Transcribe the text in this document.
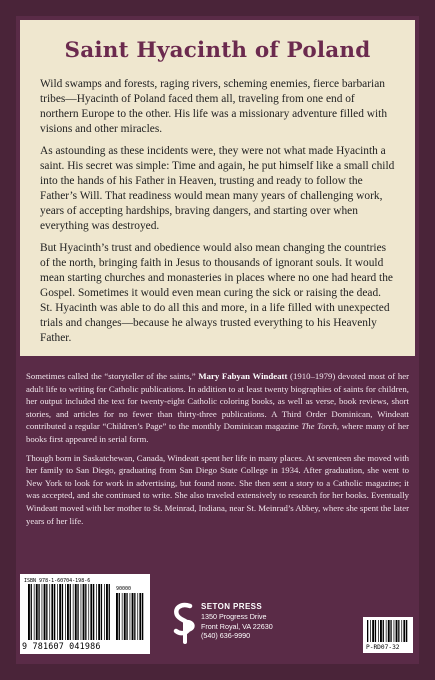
Saint Hyacinth of Poland

Wild swamps and forests, raging rivers, scheming enemies, fierce barbarian tribes—Hyacinth of Poland faced them all, traveling from one end of northern Europe to the other. His life was a missionary adventure filled with visions and other miracles.

As astounding as these incidents were, they were not what made Hyacinth a saint. His secret was simple: Time and again, he put himself like a small child into the hands of his Father in Heaven, trusting and ready to follow the Father’s Will. That readiness would mean many years of challenging work, years of accepting hardships, braving dangers, and starting over when everything was destroyed.

But Hyacinth’s trust and obedience would also mean changing the countries of the north, bringing faith in Jesus to thousands of ignorant souls. It would mean starting churches and monasteries in places where no one had heard the Gospel. Sometimes it would even mean curing the sick or raising the dead. St. Hyacinth was able to do all this and more, in a life filled with unexpected trials and changes—because he always trusted everything to his Heavenly Father.

Sometimes called the “storyteller of the saints,” Mary Fabyan Windeatt (1910–1979) devoted most of her adult life to writing for Catholic publications. In addition to at least twenty biographies of saints for children, her output included the text for twenty-eight Catholic coloring books, as well as verse, book reviews, short stories, and articles for no fewer than thirty-three publications. A Third Order Dominican, Windeatt contributed a regular “Children’s Page” to the monthly Dominican magazine The Torch, where many of her books first appeared in serial form.

Though born in Saskatchewan, Canada, Windeatt spent her life in many places. At seventeen she moved with her family to San Diego, graduating from San Diego State College in 1934. After graduation, she went to New York to look for work in advertising, but found none. She then sent a story to a Catholic magazine; it was accepted, and she continued to write. She also traveled extensively to research for her books. Eventually Windeatt moved with her mother to St. Meinrad, Indiana, near St. Meinrad’s Abbey, where she spent the later years of her life.

ISBN 978-1-60704-198-6
90000
9 781607 041986
SETON PRESS
1350 Progress Drive
Front Royal, VA 22630
(540) 636-9990
P-RD07-32
